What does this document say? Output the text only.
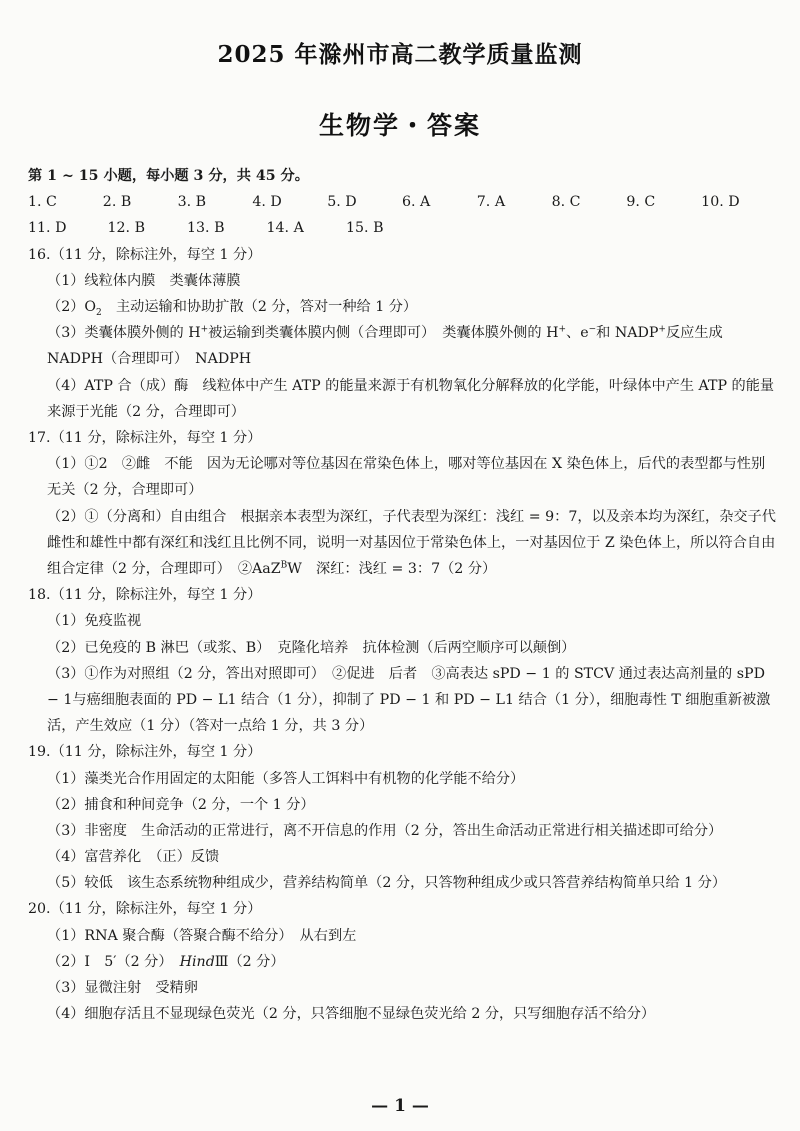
2025 年滁州市高二教学质量监测
生物学・答案
第 1 ~ 15 小题，每小题 3 分，共 45 分。
1. C	2. B	3. B	4. D	5. D	6. A	7. A	8. C	9. C	10. D
11. D	12. B	13. B	14. A	15. B
16.（11 分，除标注外，每空 1 分）
（1）线粒体内膜　类囊体薄膜
$(2)O_2$　主动运输和协助扩散（2 分，答对一种给 1 分）
（3）类囊体膜外侧的 H+被运输到类囊体膜内侧（合理即可）　类囊体膜外侧的 H+、e−和 NADP+反应生成 NADPH（合理即可）　NADPH
（4）ATP 合（成）酶　线粒体中产生 ATP 的能量来源于有机物氧化分解释放的化学能，叶绿体中产生 ATP 的能量来源于光能（2 分，合理即可）
17.（11 分，除标注外，每空 1 分）
（1）①2　②雌　不能　因为无论哪对等位基因在常染色体上，哪对等位基因在 X 染色体上，后代的表型都与性别无关（2 分，合理即可）
（2）①（分离和）自由组合　根据亲本表型为深红，子代表型为深红：浅红 = 9：7，以及亲本均为深红，杂交子代雌性和雄性中都有深红和浅红且比例不同，说明一对基因位于常染色体上，一对基因位于 Z 染色体上，所以符合自由组合定律（2 分，合理即可）　②AaZ$^B$W　深红：浅红 = 3：7（2 分）
18.（11 分，除标注外，每空 1 分）
（1）免疫监视
（2）已免疫的 B 淋巴（或浆、B）　克隆化培养　抗体检测（后两空顺序可以颠倒）
（3）①作为对照组（2 分，答出对照即可）　②促进　后者　③高表达 sPD − 1 的 STCV 通过表达高剂量的 sPD − 1与癌细胞表面的 PD − L1 结合（1 分），抑制了 PD − 1 和 PD − L1 结合（1 分），细胞毒性 T 细胞重新被激活，产生效应（1 分）（答对一点给 1 分，共 3 分）
19.（11 分，除标注外，每空 1 分）
（1）藻类光合作用固定的太阳能（多答人工饵料中有机物的化学能不给分）
（2）捕食和种间竞争（2 分，一个 1 分）
（3）非密度　生命活动的正常进行，离不开信息的作用（2 分，答出生命活动正常进行相关描述即可给分）
（4）富营养化　（正）反馈
（5）较低　该生态系统物种组成少，营养结构简单（2 分，只答物种组成少或只答营养结构简单只给 1 分）
20.（11 分，除标注外，每空 1 分）
（1）RNA 聚合酶（答聚合酶不给分）　从右到左
（2）Ⅰ　5′（2 分）　HindⅢ（2 分）
（3）显微注射　受精卵
（4）细胞存活且不显现绿色荧光（2 分，只答细胞不显绿色荧光给 2 分，只写细胞存活不给分）
— 1 —
